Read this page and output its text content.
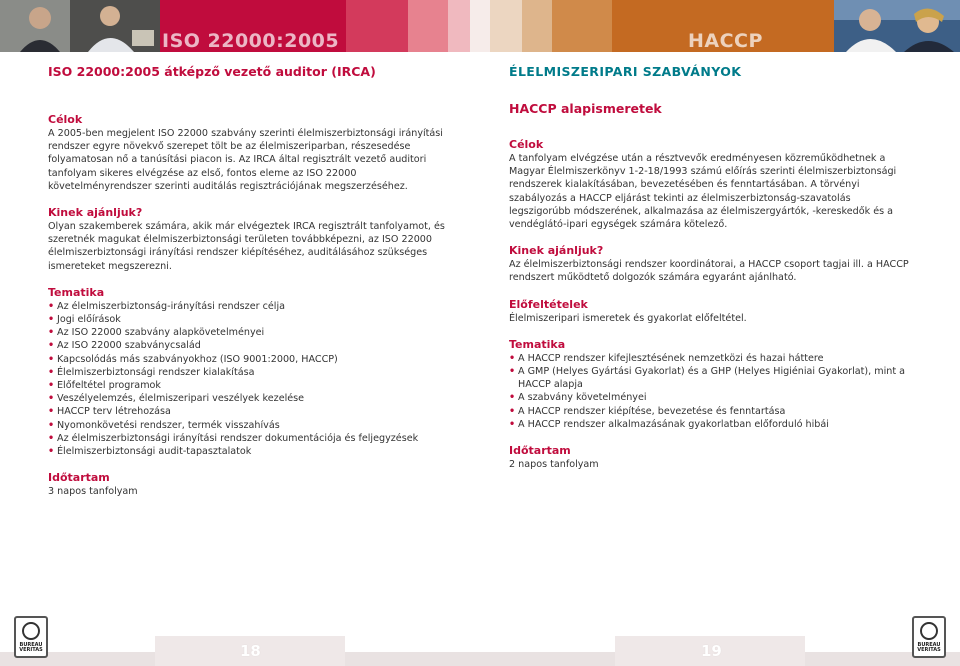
ISO 22000:2005	HACCP
ISO 22000:2005 átképző vezető auditor (IRCA)
Célok
A 2005-ben megjelent ISO 22000 szabvány szerinti élelmiszerbiztonsági irányítási rendszer egyre növekvő szerepet tölt be az élelmiszeriparban, részesedése folyamatosan nő a tanúsítási piacon is. Az IRCA által regisztrált vezető auditori tanfolyam sikeres elvégzése az első, fontos eleme az ISO 22000 követelményrendszer szerinti auditálás regisztrációjának megszerzéséhez.
Kinek ajánljuk?
Olyan szakemberek számára, akik már elvégeztek IRCA regisztrált tanfolyamot, és szeretnék magukat élelmiszerbiztonsági területen továbbképezni, az ISO 22000 élelmiszerbiztonsági irányítási rendszer kiépítéséhez, auditálásához szükséges ismereteket megszerezni.
Tematika
• Az élelmiszerbiztonság-irányítási rendszer célja
• Jogi előírások
• Az ISO 22000 szabvány alapkövetelményei
• Az ISO 22000 szabványcsalád
• Kapcsolódás más szabványokhoz (ISO 9001:2000, HACCP)
• Élelmiszerbiztonsági rendszer kialakítása
• Előfeltétel programok
• Veszélyelemzés, élelmiszeripari veszélyek kezelése
• HACCP terv létrehozása
• Nyomonkövetési rendszer, termék visszahívás
• Az élelmiszerbiztonsági irányítási rendszer dokumentációja és feljegyzések
• Élelmiszerbiztonsági audit-tapasztalatok
Időtartam
3 napos tanfolyam
ÉLELMISZERIPARI SZABVÁNYOK
HACCP alapismeretek
Célok
A tanfolyam elvégzése után a résztvevők eredményesen közreműködhetnek a Magyar Élelmiszerkönyv 1-2-18/1993 számú előírás szerinti élelmiszerbiztonsági rendszerek kialakításában, bevezetésében és fenntartásában. A törvényi szabályozás a HACCP eljárást tekinti az élelmiszerbiztonság-szavatolás legszigorúbb módszerének, alkalmazása az élelmiszergyártók, -kereskedők és a vendéglátó-ipari egységek számára kötelező.
Kinek ajánljuk?
Az élelmiszerbiztonsági rendszer koordinátorai, a HACCP csoport tagjai ill. a HACCP rendszert működtető dolgozók számára egyaránt ajánlható.
Előfeltételek
Élelmiszeripari ismeretek és gyakorlat előfeltétel.
Tematika
• A HACCP rendszer kifejlesztésének nemzetközi és hazai háttere
• A GMP (Helyes Gyártási Gyakorlat) és a GHP (Helyes Higiéniai Gyakorlat), mint a HACCP alapja
• A szabvány követelményei
• A HACCP rendszer kiépítése, bevezetése és fenntartása
• A HACCP rendszer alkalmazásának gyakorlatban előforduló hibái
Időtartam
2 napos tanfolyam
18	19
BUREAU
VERITAS
BUREAU
VERITAS
